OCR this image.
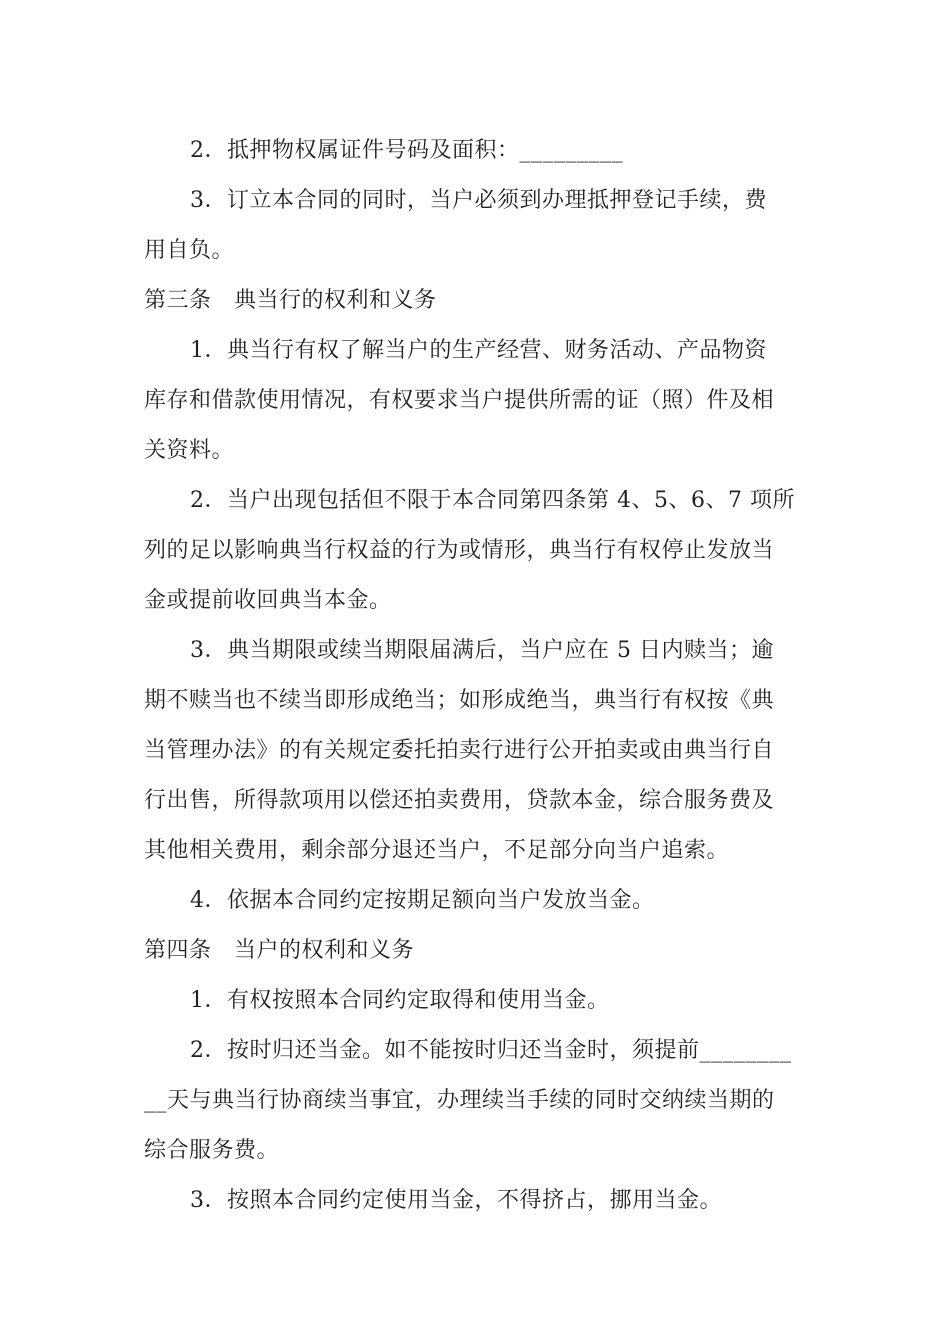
2．抵押物权属证件号码及面积：_________
3．订立本合同的同时，当户必须到办理抵押登记手续，费
用自负。
第三条　典当行的权利和义务
1．典当行有权了解当户的生产经营、财务活动、产品物资
库存和借款使用情况，有权要求当户提供所需的证（照）件及相
关资料。
2．当户出现包括但不限于本合同第四条第 4、5、6、7 项所
列的足以影响典当行权益的行为或情形，典当行有权停止发放当
金或提前收回典当本金。
3．典当期限或续当期限届满后，当户应在 5 日内赎当；逾
期不赎当也不续当即形成绝当；如形成绝当，典当行有权按《典
当管理办法》的有关规定委托拍卖行进行公开拍卖或由典当行自
行出售，所得款项用以偿还拍卖费用，贷款本金，综合服务费及
其他相关费用，剩余部分退还当户，不足部分向当户追索。
4．依据本合同约定按期足额向当户发放当金。
第四条　当户的权利和义务
1．有权按照本合同约定取得和使用当金。
2．按时归还当金。如不能按时归还当金时，须提前________
__天与典当行协商续当事宜，办理续当手续的同时交纳续当期的
综合服务费。
3．按照本合同约定使用当金，不得挤占，挪用当金。
